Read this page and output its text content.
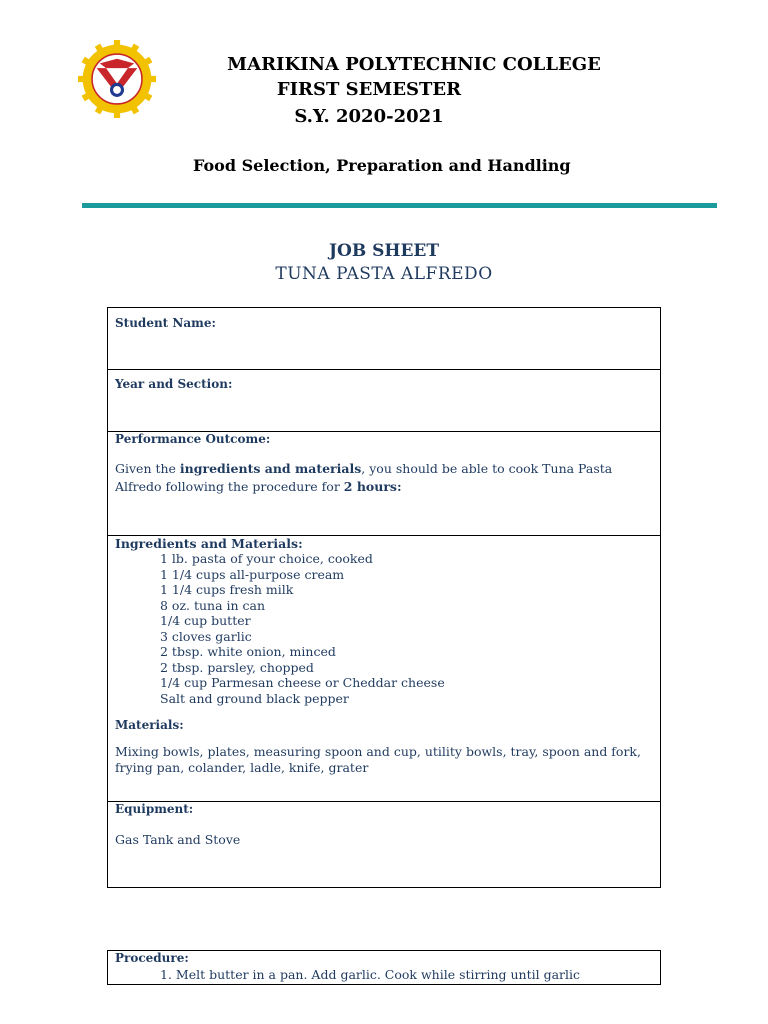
MARIKINA POLYTECHNIC COLLEGE
FIRST SEMESTER
S.Y. 2020-2021
Food Selection, Preparation and Handling
JOB SHEET
TUNA PASTA ALFREDO
Student Name:
Year and Section:
Performance Outcome:
Given the ingredients and materials, you should be able to cook Tuna Pasta Alfredo following the procedure for 2 hours:
Ingredients and Materials:
1 lb. pasta of your choice, cooked
1 1/4 cups all-purpose cream
1 1/4 cups fresh milk
8 oz. tuna in can
1/4 cup butter
3 cloves garlic
2 tbsp. white onion, minced
2 tbsp. parsley, chopped
1/4 cup Parmesan cheese or Cheddar cheese
Salt and ground black pepper
Materials:
Mixing bowls, plates, measuring spoon and cup, utility bowls, tray, spoon and fork, frying pan, colander, ladle, knife, grater
Equipment:
Gas Tank and Stove
Procedure:
1. Melt butter in a pan. Add garlic. Cook while stirring until garlic
